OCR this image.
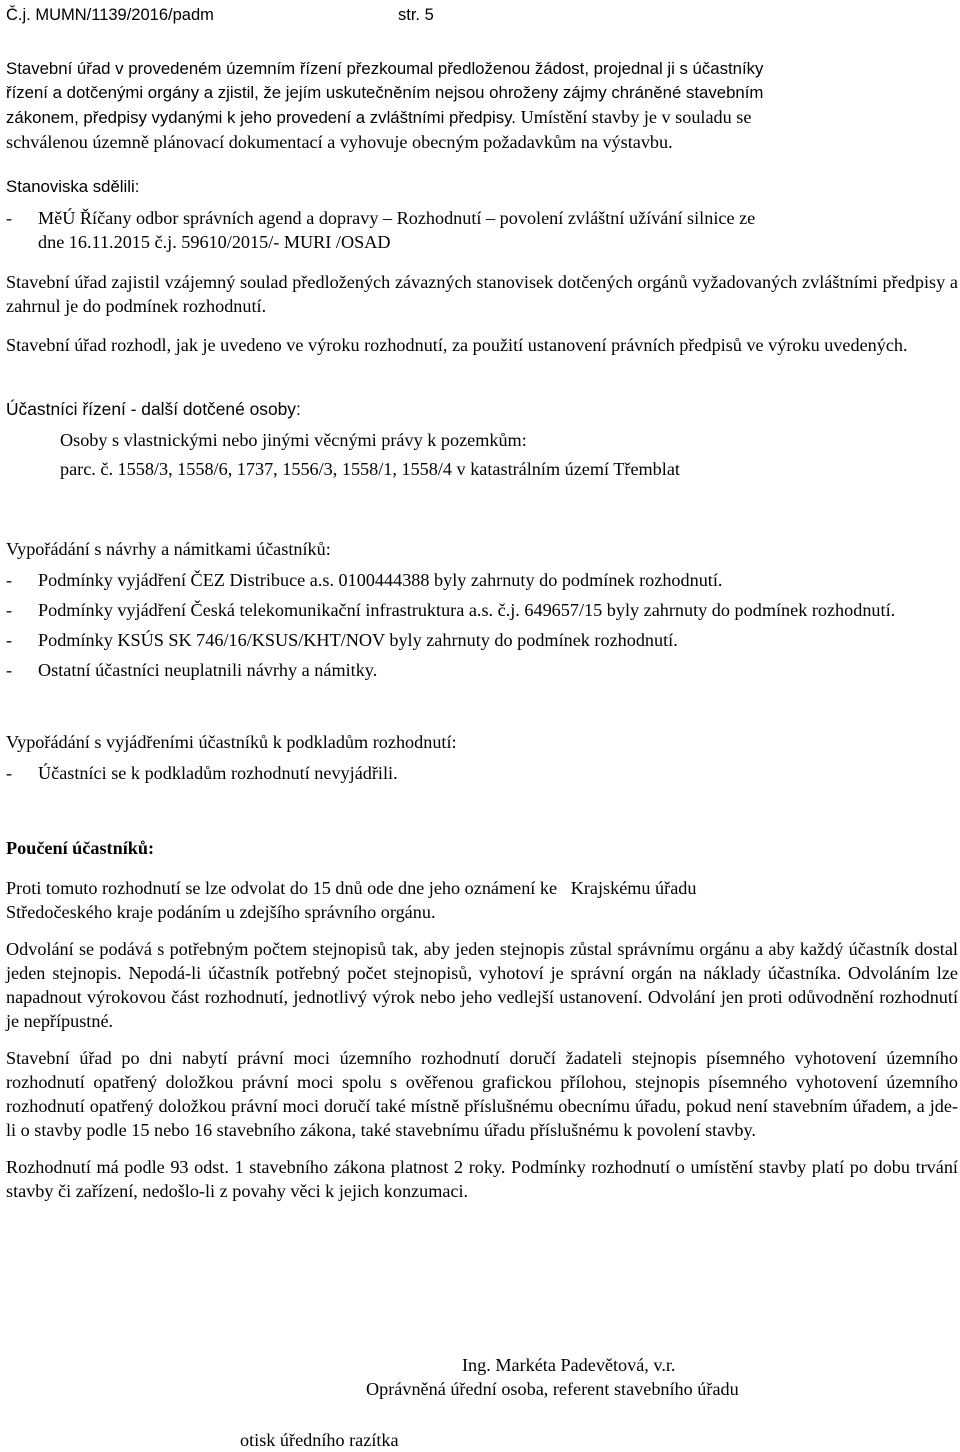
Č.j. MUMN/1139/2016/padm	str. 5
Stavební úřad v provedeném územním řízení přezkoumal předloženou žádost, projednal ji s účastníky
řízení a dotčenými orgány a zjistil, že jejím uskutečněním nejsou ohroženy zájmy chráněné stavebním
zákonem, předpisy vydanými k jeho provedení a zvláštními předpisy. Umístění stavby je v souladu se
schválenou územně plánovací dokumentací a vyhovuje obecným požadavkům na výstavbu.
Stanoviska sdělili:
-	MěÚ Říčany odbor správních agend a dopravy – Rozhodnutí – povolení zvláštní užívání silnice ze
dne 16.11.2015 č.j. 59610/2015/- MURI /OSAD

Stavební úřad zajistil vzájemný soulad předložených závazných stanovisek dotčených orgánů vyžadovaných zvláštními předpisy a zahrnul je do podmínek rozhodnutí.

Stavební úřad rozhodl, jak je uvedeno ve výroku rozhodnutí, za použití ustanovení právních předpisů ve výroku uvedených.

Účastníci řízení - další dotčené osoby:
Osoby s vlastnickými nebo jinými věcnými právy k pozemkům:
parc. č. 1558/3, 1558/6, 1737, 1556/3, 1558/1, 1558/4 v katastrálním území Třemblat
Vypořádání s návrhy a námitkami účastníků:
-	Podmínky vyjádření ČEZ Distribuce a.s. 0100444388 byly zahrnuty do podmínek rozhodnutí.
-	Podmínky vyjádření Česká telekomunikační infrastruktura a.s. č.j. 649657/15 byly zahrnuty do podmínek rozhodnutí.
-	Podmínky KSÚS SK 746/16/KSUS/KHT/NOV byly zahrnuty do podmínek rozhodnutí.
-	Ostatní účastníci neuplatnili návrhy a námitky.
Vypořádání s vyjádřeními účastníků k podkladům rozhodnutí:
-	Účastníci se k podkladům rozhodnutí nevyjádřili.
Poučení účastníků:
Proti tomuto rozhodnutí se lze odvolat do 15 dnů ode dne jeho oznámení ke   Krajskému úřadu
Středočeského kraje podáním u zdejšího správního orgánu.

Odvolání se podává s potřebným počtem stejnopisů tak, aby jeden stejnopis zůstal správnímu orgánu a aby každý účastník dostal jeden stejnopis. Nepodá-li účastník potřebný počet stejnopisů, vyhotoví je správní orgán na náklady účastníka. Odvoláním lze napadnout výrokovou část rozhodnutí, jednotlivý výrok nebo jeho vedlejší ustanovení. Odvolání jen proti odůvodnění rozhodnutí je nepřípustné.

Stavební úřad po dni nabytí právní moci územního rozhodnutí doručí žadateli stejnopis písemného vyhotovení územního rozhodnutí opatřený doložkou právní moci spolu s ověřenou grafickou přílohou, stejnopis písemného vyhotovení územního rozhodnutí opatřený doložkou právní moci doručí také místně příslušnému obecnímu úřadu, pokud není stavebním úřadem, a jde-li o stavby podle 15 nebo 16 stavebního zákona, také stavebnímu úřadu příslušnému k povolení stavby.

Rozhodnutí má podle 93 odst. 1 stavebního zákona platnost 2 roky. Podmínky rozhodnutí o umístění stavby platí po dobu trvání stavby či zařízení, nedošlo-li z povahy věci k jejich konzumaci.

Ing. Markéta Padevětová, v.r.
Oprávněná úřední osoba, referent stavebního úřadu
otisk úředního razítka
